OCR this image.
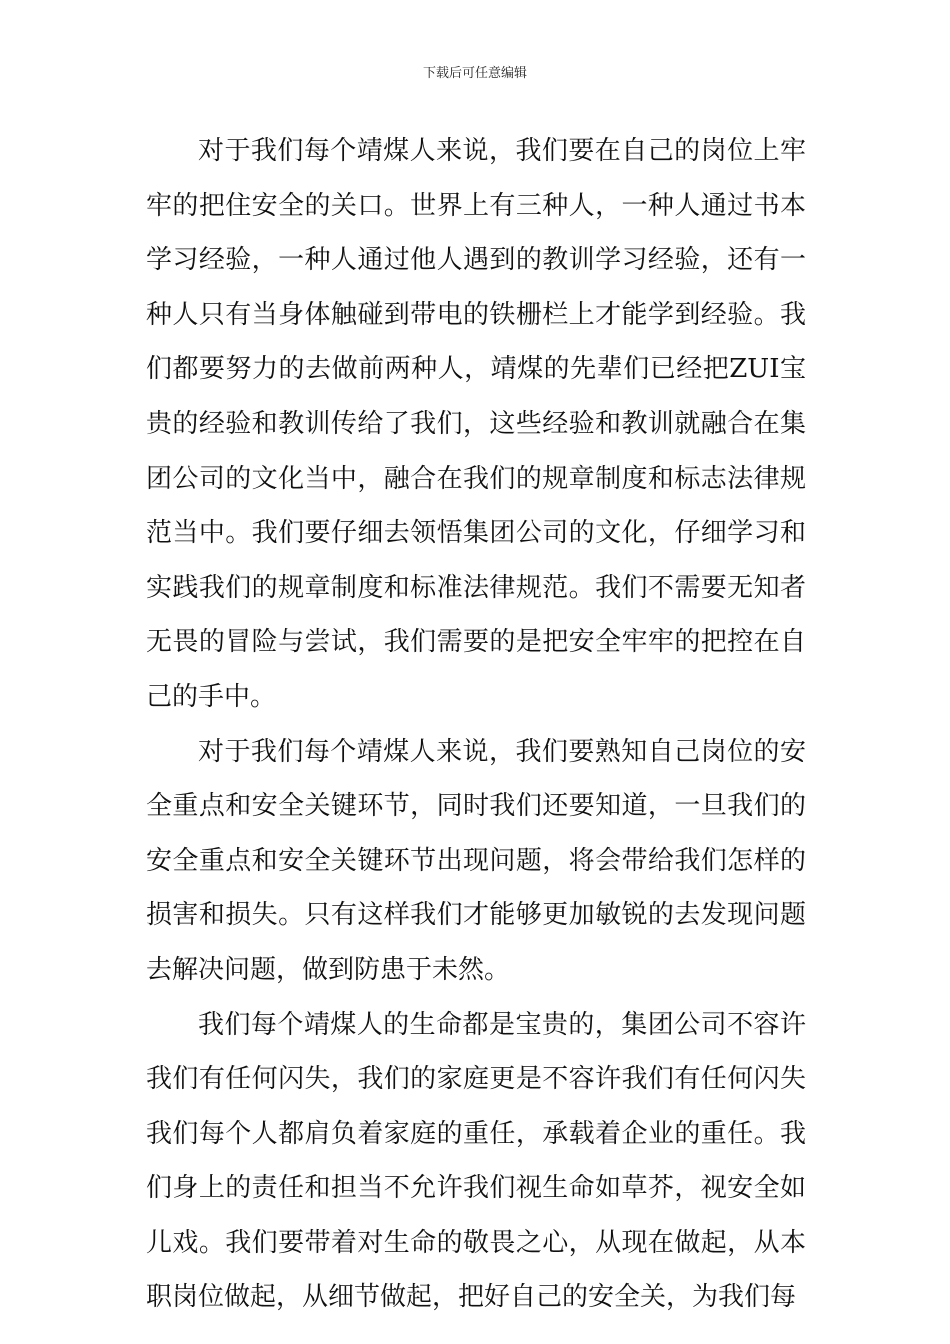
下载后可任意编辑

对于我们每个靖煤人来说，我们要在自己的岗位上牢牢的把住安全的关口。世界上有三种人，一种人通过书本学习经验，一种人通过他人遇到的教训学习经验，还有一种人只有当身体触碰到带电的铁栅栏上才能学到经验。我们都要努力的去做前两种人，靖煤的先辈们已经把ZUI宝贵的经验和教训传给了我们，这些经验和教训就融合在集团公司的文化当中，融合在我们的规章制度和标志法律规范当中。我们要仔细去领悟集团公司的文化，仔细学习和实践我们的规章制度和标准法律规范。我们不需要无知者无畏的冒险与尝试，我们需要的是把安全牢牢的把控在自己的手中。

对于我们每个靖煤人来说，我们要熟知自己岗位的安全重点和安全关键环节，同时我们还要知道，一旦我们的安全重点和安全关键环节出现问题，将会带给我们怎样的损害和损失。只有这样我们才能够更加敏锐的去发现问题去解决问题，做到防患于未然。

我们每个靖煤人的生命都是宝贵的，集团公司不容许我们有任何闪失，我们的家庭更是不容许我们有任何闪失我们每个人都肩负着家庭的重任，承载着企业的重任。我们身上的责任和担当不允许我们视生命如草芥，视安全如儿戏。我们要带着对生命的敬畏之心，从现在做起，从本职岗位做起，从细节做起，把好自己的安全关，为我们每
